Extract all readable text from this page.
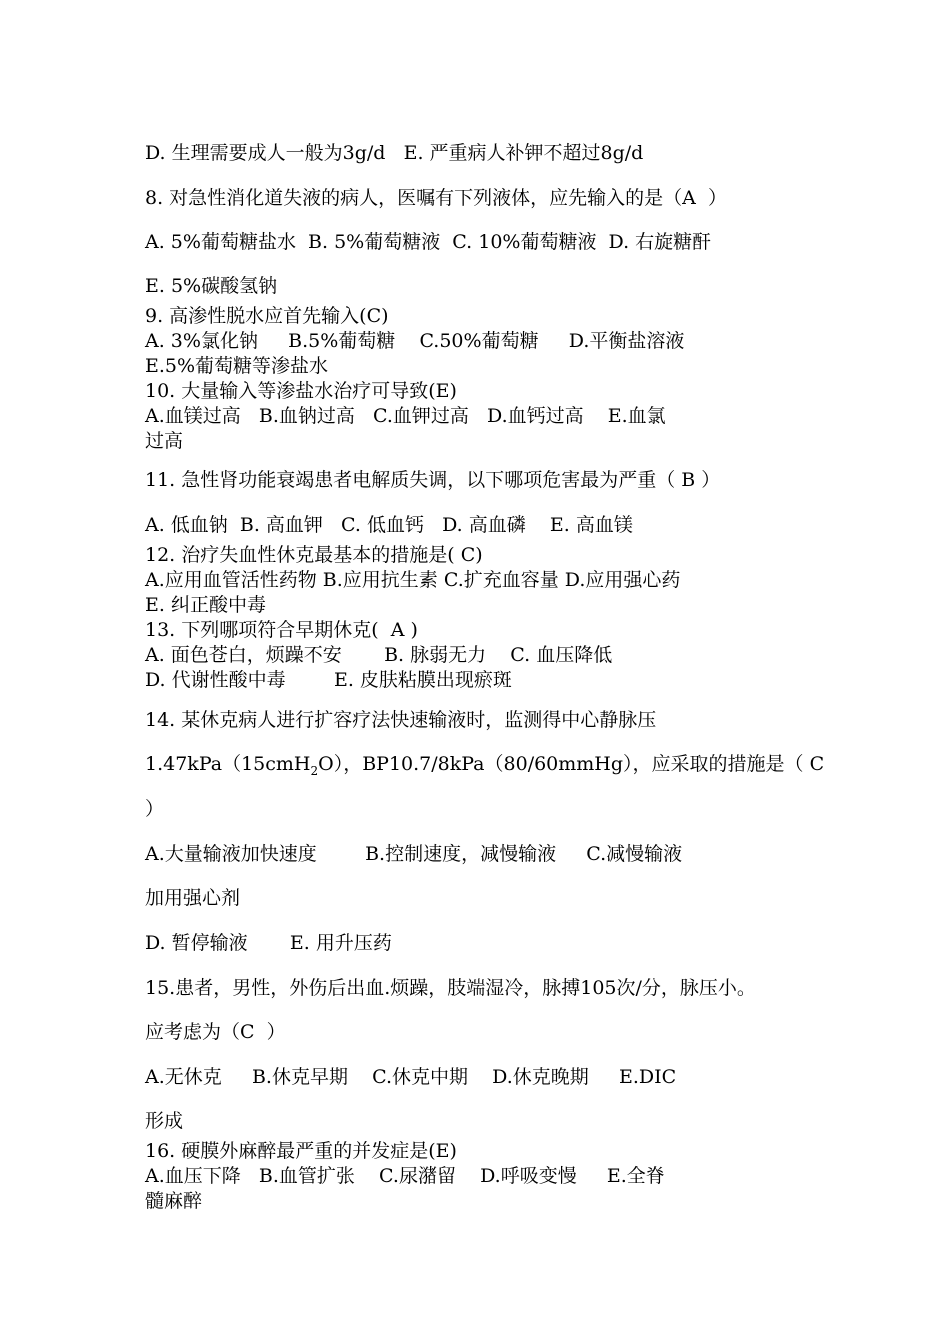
D. 生理需要成人一般为3g/d   E. 严重病人补钾不超过8g/d
8. 对急性消化道失液的病人，医嘱有下列液体，应先输入的是（A  ）
A. 5%葡萄糖盐水  B. 5%葡萄糖液  C. 10%葡萄糖液  D. 右旋糖酐
E. 5%碳酸氢钠
9. 高渗性脱水应首先输入(C)
A. 3%氯化钠     B.5%葡萄糖    C.50%葡萄糖     D.平衡盐溶液
E.5%葡萄糖等渗盐水
10. 大量输入等渗盐水治疗可导致(E)
A.血镁过高   B.血钠过高   C.血钾过高   D.血钙过高    E.血氯
过高
11. 急性肾功能衰竭患者电解质失调，以下哪项危害最为严重（ B ）
A. 低血钠  B. 高血钾   C. 低血钙   D. 高血磷    E. 高血镁
12. 治疗失血性休克最基本的措施是( C)
A.应用血管活性药物 B.应用抗生素 C.扩充血容量 D.应用强心药
E. 纠正酸中毒
13. 下列哪项符合早期休克(  A )
A. 面色苍白，烦躁不安       B. 脉弱无力    C. 血压降低
D. 代谢性酸中毒        E. 皮肤粘膜出现瘀斑
14. 某休克病人进行扩容疗法快速输液时，监测得中心静脉压
1.47kPa（15cmH$_2$O），BP10.7/8kPa（80/60mmHg），应采取的措施是（ C
）
A.大量输液加快速度        B.控制速度，减慢输液     C.减慢输液
加用强心剂
D. 暂停输液       E. 用升压药
15.患者，男性，外伤后出血.烦躁，肢端湿冷，脉搏105次/分，脉压小。
应考虑为（C  ）
A.无休克     B.休克早期    C.休克中期    D.休克晚期     E.DIC
形成
16. 硬膜外麻醉最严重的并发症是(E)
A.血压下降   B.血管扩张    C.尿潴留    D.呼吸变慢     E.全脊
髓麻醉
